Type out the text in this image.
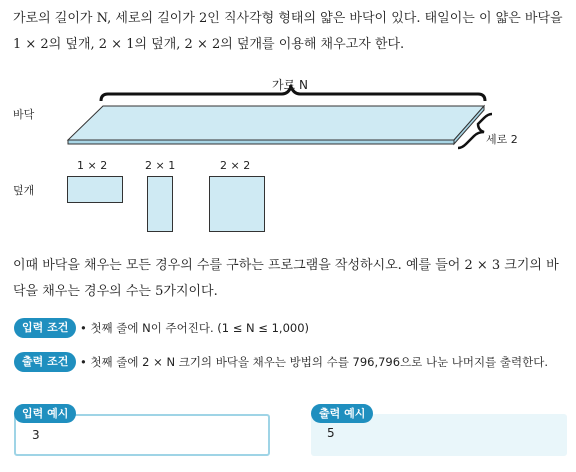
가로의 길이가 N, 세로의 길이가 2인 직사각형 형태의 얇은 바닥이 있다. 태일이는 이 얇은 바닥을
1 × 2의 덮개, 2 × 1의 덮개, 2 × 2의 덮개를 이용해 채우고자 한다.
가로 N
세로 2
바닥
덮개
1 × 2	2 × 1	2 × 2
이때 바닥을 채우는 모든 경우의 수를 구하는 프로그램을 작성하시오. 예를 들어 2 × 3 크기의 바
닥을 채우는 경우의 수는 5가지이다.
입력 조건	• 첫째 줄에 N이 주어진다. (1 ≤ N ≤ 1,000)
출력 조건	• 첫째 줄에 2 × N 크기의 바닥을 채우는 방법의 수를 796,796으로 나눈 나머지를 출력한다.
3
입력 예시
5
출력 예시
